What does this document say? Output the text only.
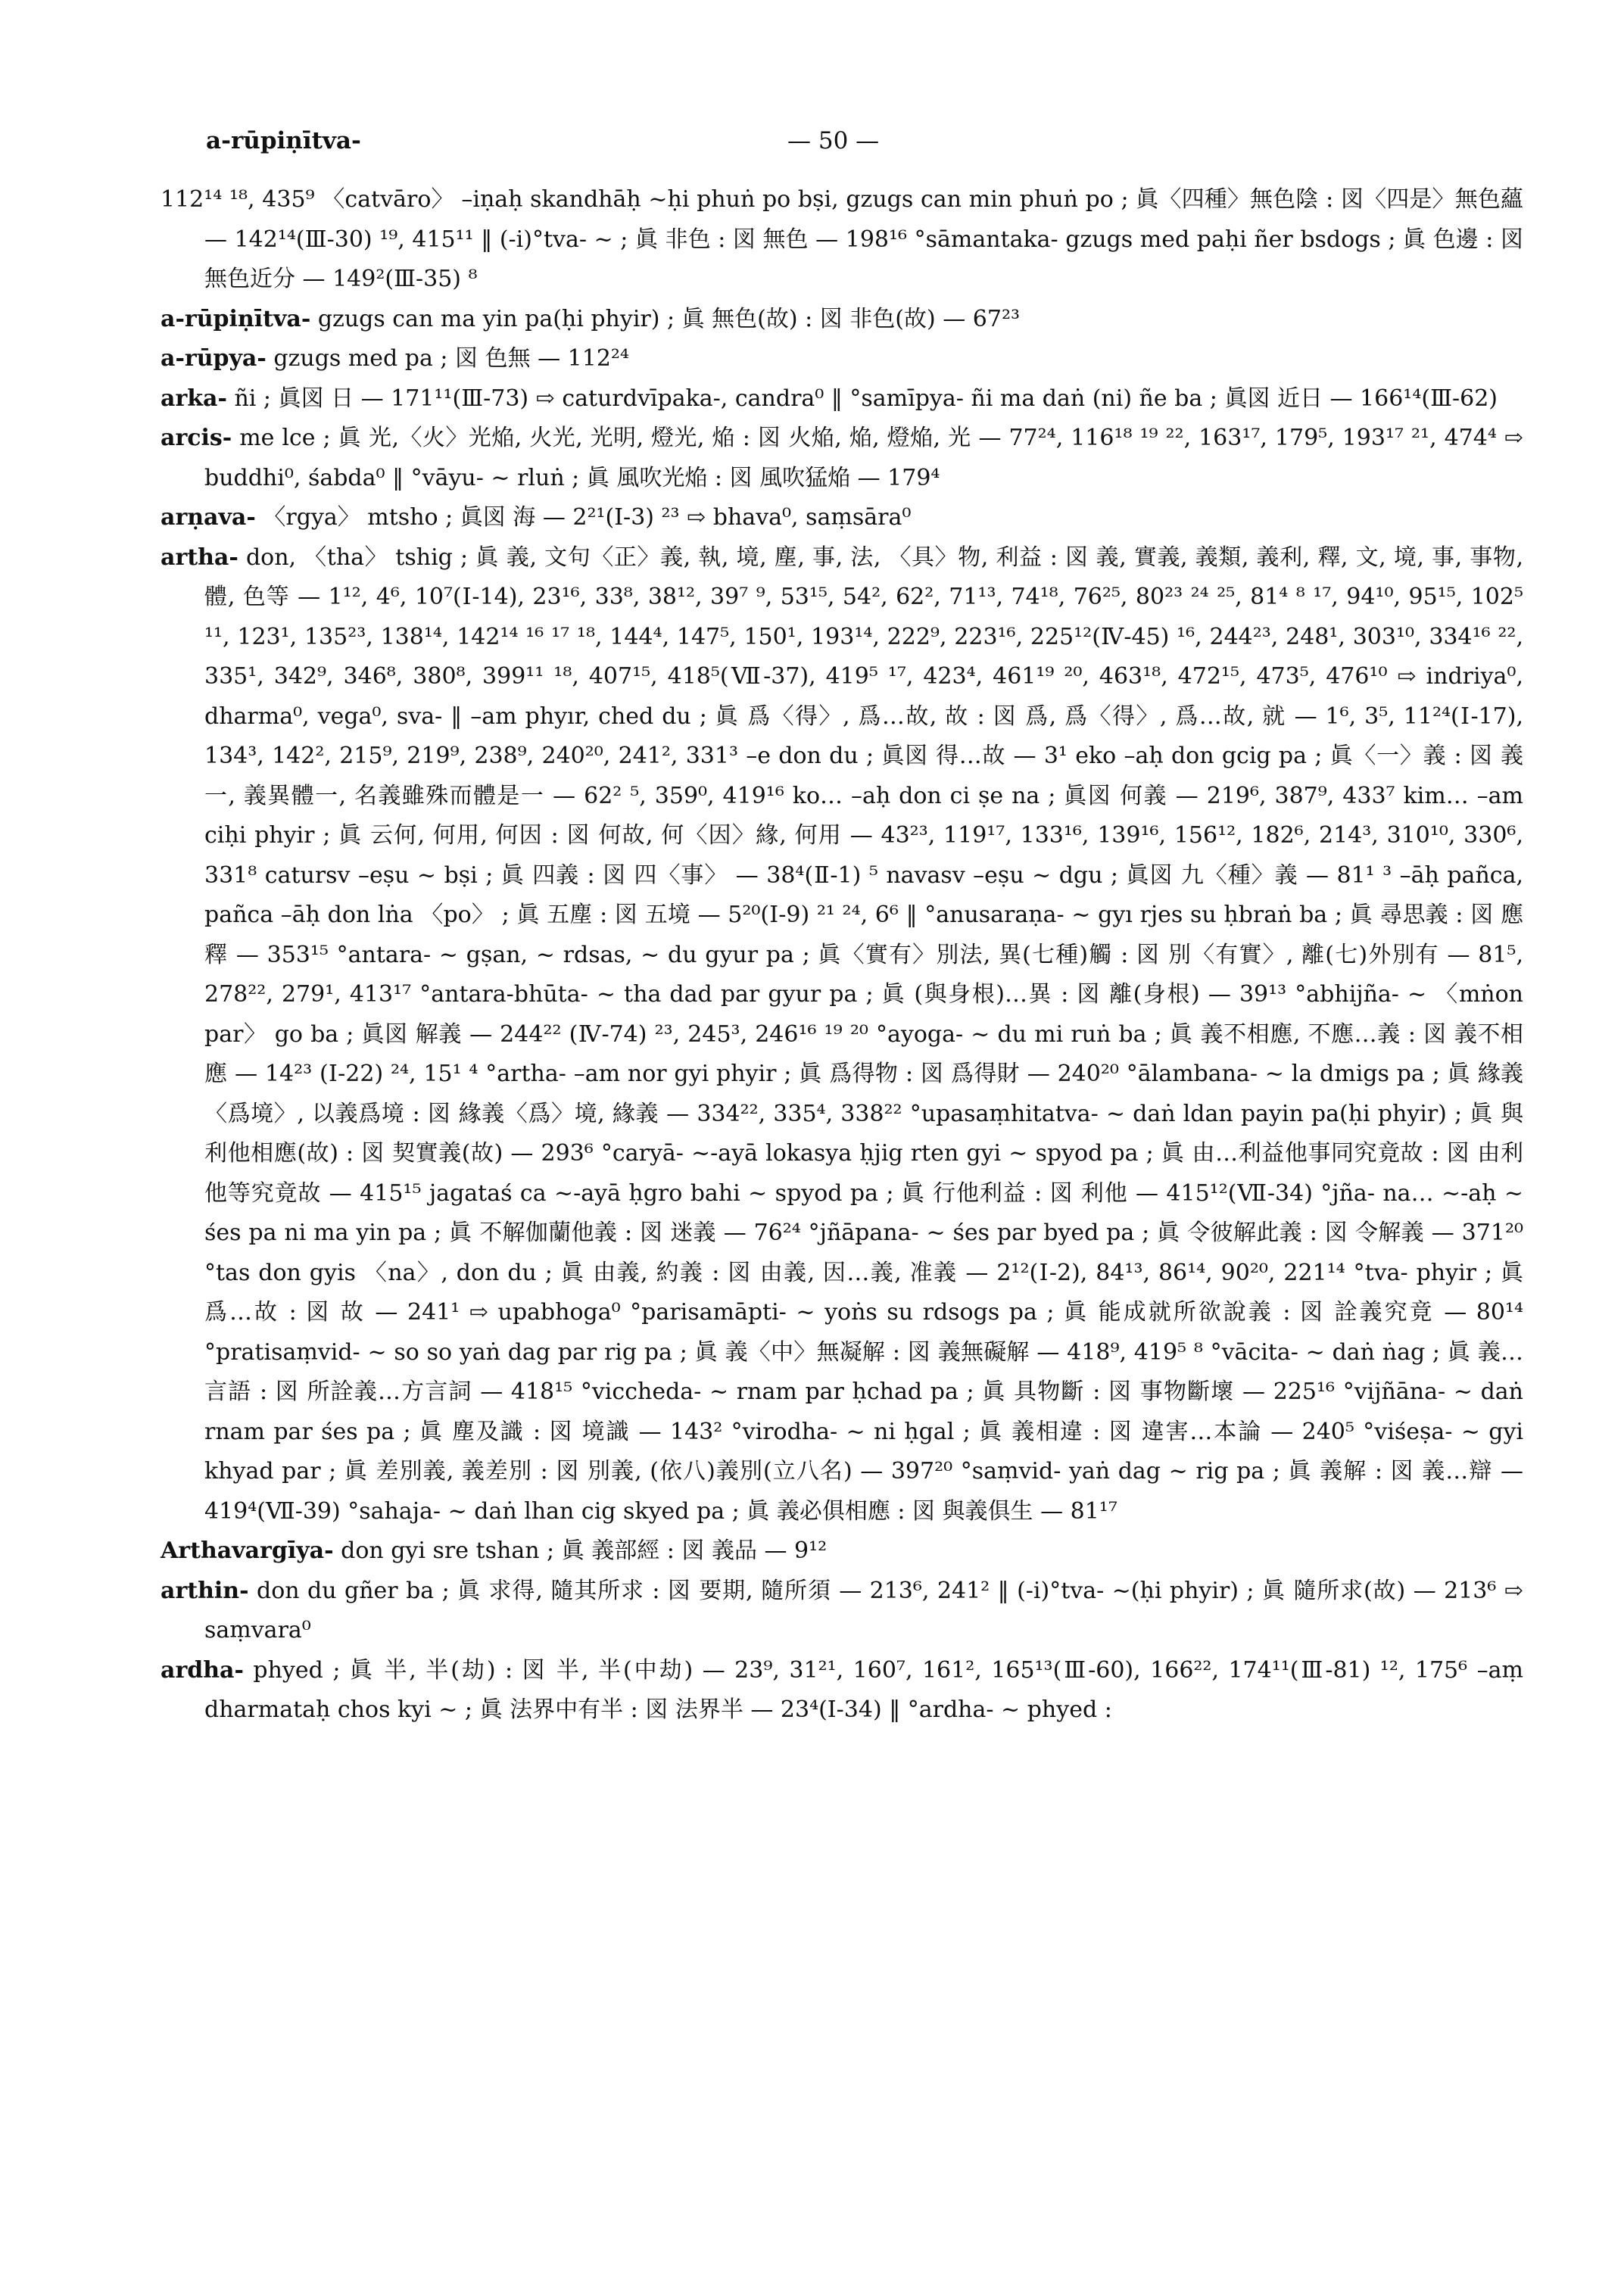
a-rūpiṇītva-	— 50 —

112¹⁴ ¹⁸, 435⁹ 〈catvāro〉 –iṇaḥ skandhāḥ ~ḥi phuṅ po bṣi, gzugs can min phuṅ po ; 眞〈四種〉無色陰 : 図〈四是〉無色蘊 — 142¹⁴(Ⅲ-30) ¹⁹, 415¹¹ ‖ (-i)°tva- ~ ; 眞 非色 : 図 無色 — 198¹⁶ °sāmantaka- gzugs med paḥi ñer bsdogs ; 眞 色邊 : 図 無色近分 — 149²(Ⅲ-35) ⁸

a-rūpiṇītva- gzugs can ma yin pa(ḥi phyir) ; 眞 無色(故) : 図 非色(故) — 67²³

a-rūpya- gzugs med pa ; 図 色無 — 112²⁴

arka- ñi ; 眞図 日 — 171¹¹(Ⅲ-73) ⇨ caturdvīpaka-, candra⁰ ‖ °samīpya- ñi ma daṅ (ni) ñe ba ; 眞図 近日 — 166¹⁴(Ⅲ-62)

arcis- me lce ; 眞 光,〈火〉光焔, 火光, 光明, 燈光, 焔 : 図 火焔, 焔, 燈焔, 光 — 77²⁴, 116¹⁸ ¹⁹ ²², 163¹⁷, 179⁵, 193¹⁷ ²¹, 474⁴ ⇨ buddhi⁰, śabda⁰ ‖ °vāyu- ~ rluṅ ; 眞 風吹光焔 : 図 風吹猛焔 — 179⁴

arṇava- 〈rgya〉 mtsho ; 眞図 海 — 2²¹(Ⅰ-3) ²³ ⇨ bhava⁰, saṃsāra⁰

artha- don, 〈tha〉 tshig ; 眞 義, 文句〈正〉義, 執, 境, 塵, 事, 法, 〈具〉物, 利益 : 図 義, 實義, 義類, 義利, 釋, 文, 境, 事, 事物, 體, 色等 — 1¹², 4⁶, 10⁷(Ⅰ-14), 23¹⁶, 33⁸, 38¹², 39⁷ ⁹, 53¹⁵, 54², 62², 71¹³, 74¹⁸, 76²⁵, 80²³ ²⁴ ²⁵, 81⁴ ⁸ ¹⁷, 94¹⁰, 95¹⁵, 102⁵ ¹¹, 123¹, 135²³, 138¹⁴, 142¹⁴ ¹⁶ ¹⁷ ¹⁸, 144⁴, 147⁵, 150¹, 193¹⁴, 222⁹, 223¹⁶, 225¹²(Ⅳ-45) ¹⁶, 244²³, 248¹, 303¹⁰, 334¹⁶ ²², 335¹, 342⁹, 346⁸, 380⁸, 399¹¹ ¹⁸, 407¹⁵, 418⁵(Ⅶ-37), 419⁵ ¹⁷, 423⁴, 461¹⁹ ²⁰, 463¹⁸, 472¹⁵, 473⁵, 476¹⁰ ⇨ indriya⁰, dharma⁰, vega⁰, sva- ‖ –am phyır, ched du ; 眞 爲〈得〉, 爲…故, 故 : 図 爲, 爲〈得〉, 爲…故, 就 — 1⁶, 3⁵, 11²⁴(Ⅰ-17), 134³, 142², 215⁹, 219⁹, 238⁹, 240²⁰, 241², 331³ –e don du ; 眞図 得…故 — 3¹ eko –aḥ don gcig pa ; 眞〈一〉義 : 図 義一, 義異體一, 名義雖殊而體是一 — 62² ⁵, 359⁰, 419¹⁶ ko… –aḥ don ci ṣe na ; 眞図 何義 — 219⁶, 387⁹, 433⁷ kim… –am ciḥi phyir ; 眞 云何, 何用, 何因 : 図 何故, 何〈因〉緣, 何用 — 43²³, 119¹⁷, 133¹⁶, 139¹⁶, 156¹², 182⁶, 214³, 310¹⁰, 330⁶, 331⁸ catursv –eṣu ~ bṣi ; 眞 四義 : 図 四〈事〉 — 38⁴(Ⅱ-1) ⁵ navasv –eṣu ~ dgu ; 眞図 九〈種〉義 — 81¹ ³ –āḥ pañca, pañca –āḥ don lṅa 〈po〉 ; 眞 五塵 : 図 五境 — 5²⁰(Ⅰ-9) ²¹ ²⁴, 6⁶ ‖ °anusaraṇa- ~ gyı rjes su ḥbraṅ ba ; 眞 尋思義 : 図 應釋 — 353¹⁵ °antara- ~ gṣan, ~ rdsas, ~ du gyur pa ; 眞〈實有〉別法, 異(七種)觸 : 図 別〈有實〉, 離(七)外別有 — 81⁵, 278²², 279¹, 413¹⁷ °antara-bhūta- ~ tha dad par gyur pa ; 眞 (與身根)…異 : 図 離(身根) — 39¹³ °abhijña- ~ 〈mṅon par〉 go ba ; 眞図 解義 — 244²² (Ⅳ-74) ²³, 245³, 246¹⁶ ¹⁹ ²⁰ °ayoga- ~ du mi ruṅ ba ; 眞 義不相應, 不應…義 : 図 義不相應 — 14²³ (Ⅰ-22) ²⁴, 15¹ ⁴ °artha- –am nor gyi phyir ; 眞 爲得物 : 図 爲得財 — 240²⁰ °ālambana- ~ la dmigs pa ; 眞 緣義〈爲境〉, 以義爲境 : 図 緣義〈爲〉境, 緣義 — 334²², 335⁴, 338²² °upasaṃhitatva- ~ daṅ ldan payin pa(ḥi phyir) ; 眞 與利他相應(故) : 図 契實義(故) — 293⁶ °caryā- ~-ayā lokasya ḥjig rten gyi ~ spyod pa ; 眞 由…利益他事同究竟故 : 図 由利他等究竟故 — 415¹⁵ jagataś ca ~-ayā ḥgro bahi ~ spyod pa ; 眞 行他利益 : 図 利他 — 415¹²(Ⅶ-34) °jña- na… ~-aḥ ~ śes pa ni ma yin pa ; 眞 不解伽蘭他義 : 図 迷義 — 76²⁴ °jñāpana- ~ śes par byed pa ; 眞 令彼解此義 : 図 令解義 — 371²⁰ °tas don gyis 〈na〉, don du ; 眞 由義, 約義 : 図 由義, 因…義, 准義 — 2¹²(Ⅰ-2), 84¹³, 86¹⁴, 90²⁰, 221¹⁴ °tva- phyir ; 眞 爲…故 : 図 故 — 241¹ ⇨ upabhoga⁰ °parisamāpti- ~ yoṅs su rdsogs pa ; 眞 能成就所欲說義 : 図 詮義究竟 — 80¹⁴ °pratisaṃvid- ~ so so yaṅ dag par rig pa ; 眞 義〈中〉無凝解 : 図 義無礙解 — 418⁹, 419⁵ ⁸ °vācita- ~ daṅ ṅag ; 眞 義…言語 : 図 所詮義…方言詞 — 418¹⁵ °viccheda- ~ rnam par ḥchad pa ; 眞 具物斷 : 図 事物斷壞 — 225¹⁶ °vijñāna- ~ daṅ rnam par śes pa ; 眞 塵及識 : 図 境識 — 143² °virodha- ~ ni ḥgal ; 眞 義相違 : 図 違害…本論 — 240⁵ °viśeṣa- ~ gyi khyad par ; 眞 差別義, 義差別 : 図 別義, (依八)義別(立八名) — 397²⁰ °saṃvid- yaṅ dag ~ rig pa ; 眞 義解 : 図 義…辯 — 419⁴(Ⅶ-39) °sahaja- ~ daṅ lhan cig skyed pa ; 眞 義必俱相應 : 図 與義俱生 — 81¹⁷

Arthavargīya- don gyi sre tshan ; 眞 義部經 : 図 義品 — 9¹²

arthin- don du gñer ba ; 眞 求得, 隨其所求 : 図 要期, 隨所須 — 213⁶, 241² ‖ (-i)°tva- ~(ḥi phyir) ; 眞 隨所求(故) — 213⁶ ⇨ saṃvara⁰

ardha- phyed ; 眞 半, 半(劫) : 図 半, 半(中劫) — 23⁹, 31²¹, 160⁷, 161², 165¹³(Ⅲ-60), 166²², 174¹¹(Ⅲ-81) ¹², 175⁶ –aṃ dharmataḥ chos kyi ~ ; 眞 法界中有半 : 図 法界半 — 23⁴(Ⅰ-34) ‖ °ardha- ~ phyed :
